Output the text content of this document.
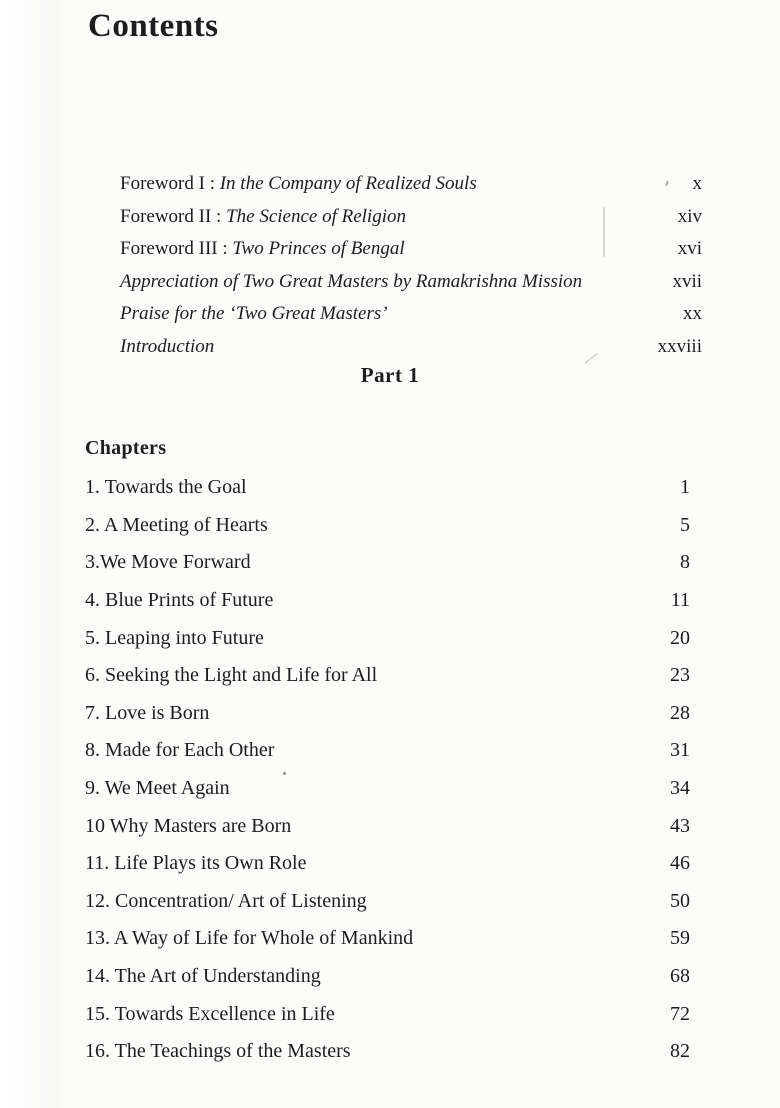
Contents
Foreword I : In the Company of Realized Souls	x
Foreword II : The Science of Religion	xiv
Foreword III : Two Princes of Bengal	xvi
Appreciation of Two Great Masters by Ramakrishna Mission	xvii
Praise for the ‘Two Great Masters’	xx
Introduction	xxviii
Part 1
Chapters
1. Towards the Goal	1
2. A Meeting of Hearts	5
3.We Move Forward	8
4. Blue Prints of Future	11
5. Leaping into Future	20
6. Seeking the Light and Life for All	23
7. Love is Born	28
8. Made for Each Other	31
9. We Meet Again	34
10 Why Masters are Born	43
11. Life Plays its Own Role	46
12. Concentration/ Art of Listening	50
13. A Way of Life for Whole of Mankind	59
14. The Art of Understanding	68
15. Towards Excellence in Life	72
16. The Teachings of the Masters	82
